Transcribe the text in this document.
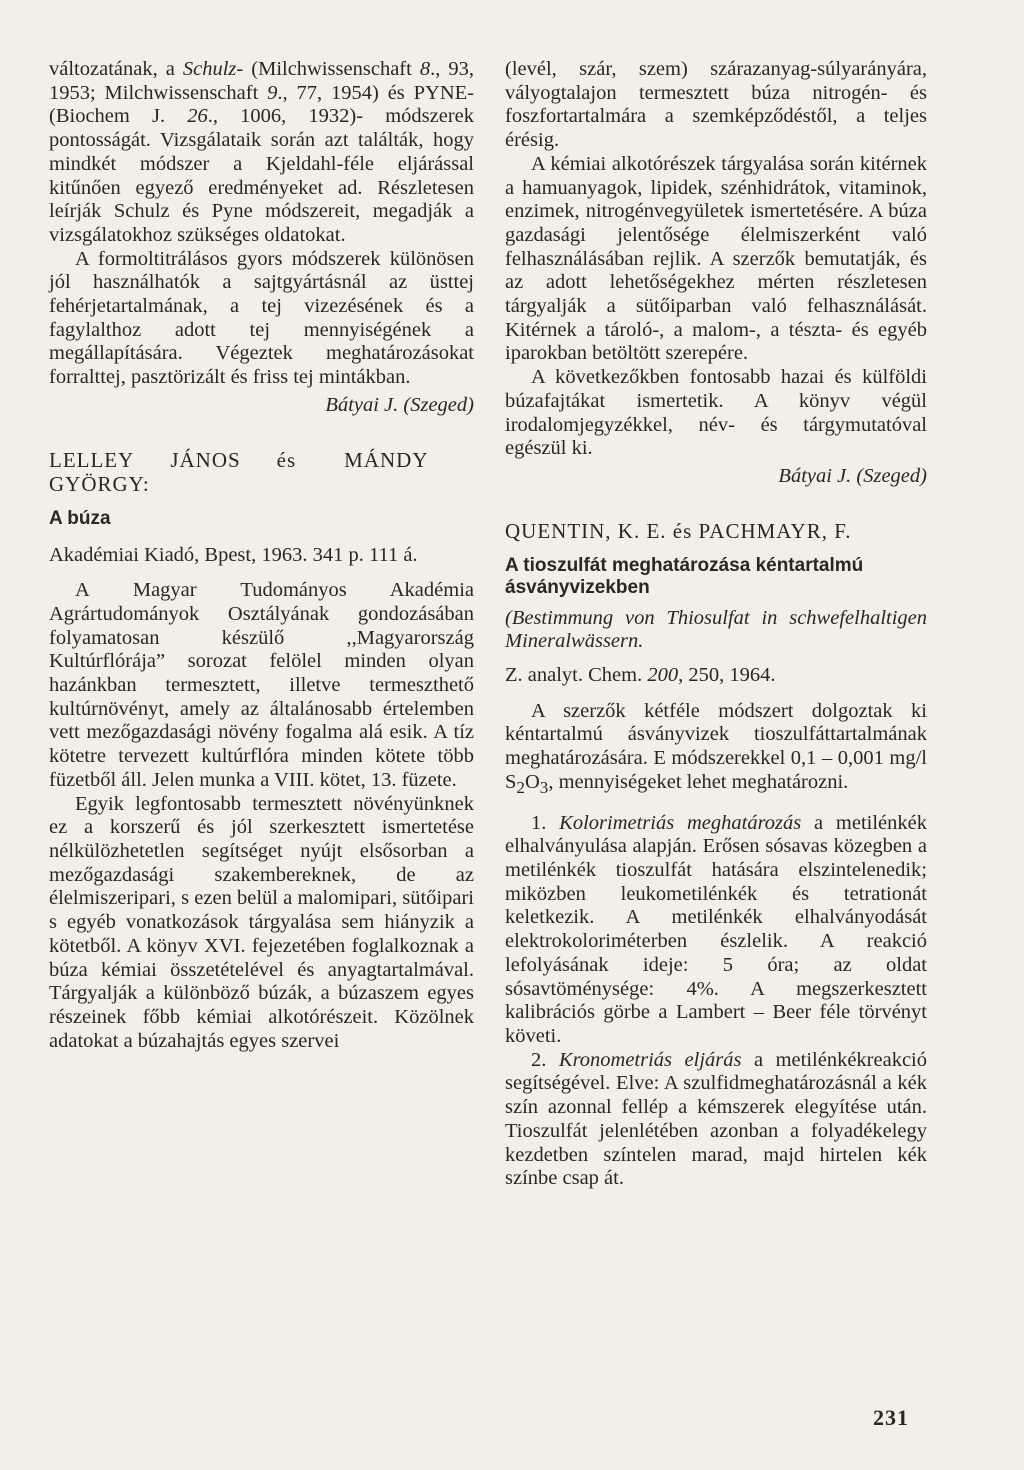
változatának, a Schulz- (Milchwissenschaft 8., 93, 1953; Milchwissenschaft 9., 77, 1954) és PYNE- (Biochem J. 26., 1006, 1932)- módszerek pontosságát. Vizsgálataik során azt találták, hogy mindkét módszer a Kjeldahl-féle eljárással kitűnően egyező eredményeket ad. Részletesen leírják Schulz és Pyne módszereit, megadják a vizsgálatokhoz szükséges oldatokat.

A formoltitrálásos gyors módszerek különösen jól használhatók a sajtgyártásnál az üsttej fehérjetartalmának, a tej vizezésének és a fagylalthoz adott tej mennyiségének a megállapítására. Végeztek meghatározásokat forralttej, pasztörizált és friss tej mintákban.

Bátyai J. (Szeged)

LELLEY JÁNOS és MÁNDY
GYÖRGY:
A búza

Akadémiai Kiadó, Bpest, 1963. 341 p. 111 á.

A Magyar Tudományos Akadémia Agrártudományok Osztályának gondozásában folyamatosan készülő ,,Magyarország Kultúrflórája” sorozat felölel minden olyan hazánkban termesztett, illetve termeszthető kultúrnövényt, amely az általánosabb értelemben vett mezőgazdasági növény fogalma alá esik. A tíz kötetre tervezett kultúrflóra minden kötete több füzetből áll. Jelen munka a VIII. kötet, 13. füzete.

Egyik legfontosabb termesztett növényünknek ez a korszerű és jól szerkesztett ismertetése nélkülözhetetlen segítséget nyújt elsősorban a mezőgazdasági szakembereknek, de az élelmiszeripari, s ezen belül a malomipari, sütőipari s egyéb vonatkozások tárgyalása sem hiányzik a kötetből. A könyv XVI. fejezetében foglalkoznak a búza kémiai összetételével és anyagtartalmával. Tárgyalják a különböző búzák, a búzaszem egyes részeinek főbb kémiai alkotórészeit. Közölnek adatokat a búzahajtás egyes szervei

(levél, szár, szem) szárazanyag-súlyarányára, vályogtalajon termesztett búza nitrogén- és foszfortartalmára a szemképződéstől, a teljes érésig.

A kémiai alkotórészek tárgyalása során kitérnek a hamuanyagok, lipidek, szénhidrátok, vitaminok, enzimek, nitrogénvegyületek ismertetésére. A búza gazdasági jelentősége élelmiszerként való felhasználásában rejlik. A szerzők bemutatják, és az adott lehetőségekhez mérten részletesen tárgyalják a sütőiparban való felhasználását. Kitérnek a tároló-, a malom-, a tészta- és egyéb iparokban betöltött szerepére.

A következőkben fontosabb hazai és külföldi búzafajtákat ismertetik. A könyv végül irodalomjegyzékkel, név- és tárgymutatóval egészül ki.

Bátyai J. (Szeged)

QUENTIN, K. E. és PACHMAYR, F.
A tioszulfát meghatározása kéntartalmú ásványvizekben

(Bestimmung von Thiosulfat in schwefelhaltigen Mineralwässern.

Z. analyt. Chem. 200, 250, 1964.

A szerzők kétféle módszert dolgoztak ki kéntartalmú ásványvizek tioszulfáttartalmának meghatározására. E módszerekkel 0,1 – 0,001 mg/l $S_2O_3$, mennyiségeket lehet meghatározni.

1. Kolorimetriás meghatározás a metilénkék elhalványulása alapján. Erősen sósavas közegben a metilénkék tioszulfát hatására elszintelenedik; miközben leukometilénkék és tetrationát keletkezik. A metilénkék elhalványodását elektrokoloriméterben észlelik. A reakció lefolyásának ideje: 5 óra; az oldat sósavtöménysége: 4%. A megszerkesztett kalibrációs görbe a Lambert – Beer féle törvényt követi.

2. Kronometriás eljárás a metilénkékreakció segítségével. Elve: A szulfidmeghatározásnál a kék szín azonnal fellép a kémszerek elegyítése után. Tioszulfát jelenlétében azonban a folyadékelegy kezdetben színtelen marad, majd hirtelen kék színbe csap át.

231
